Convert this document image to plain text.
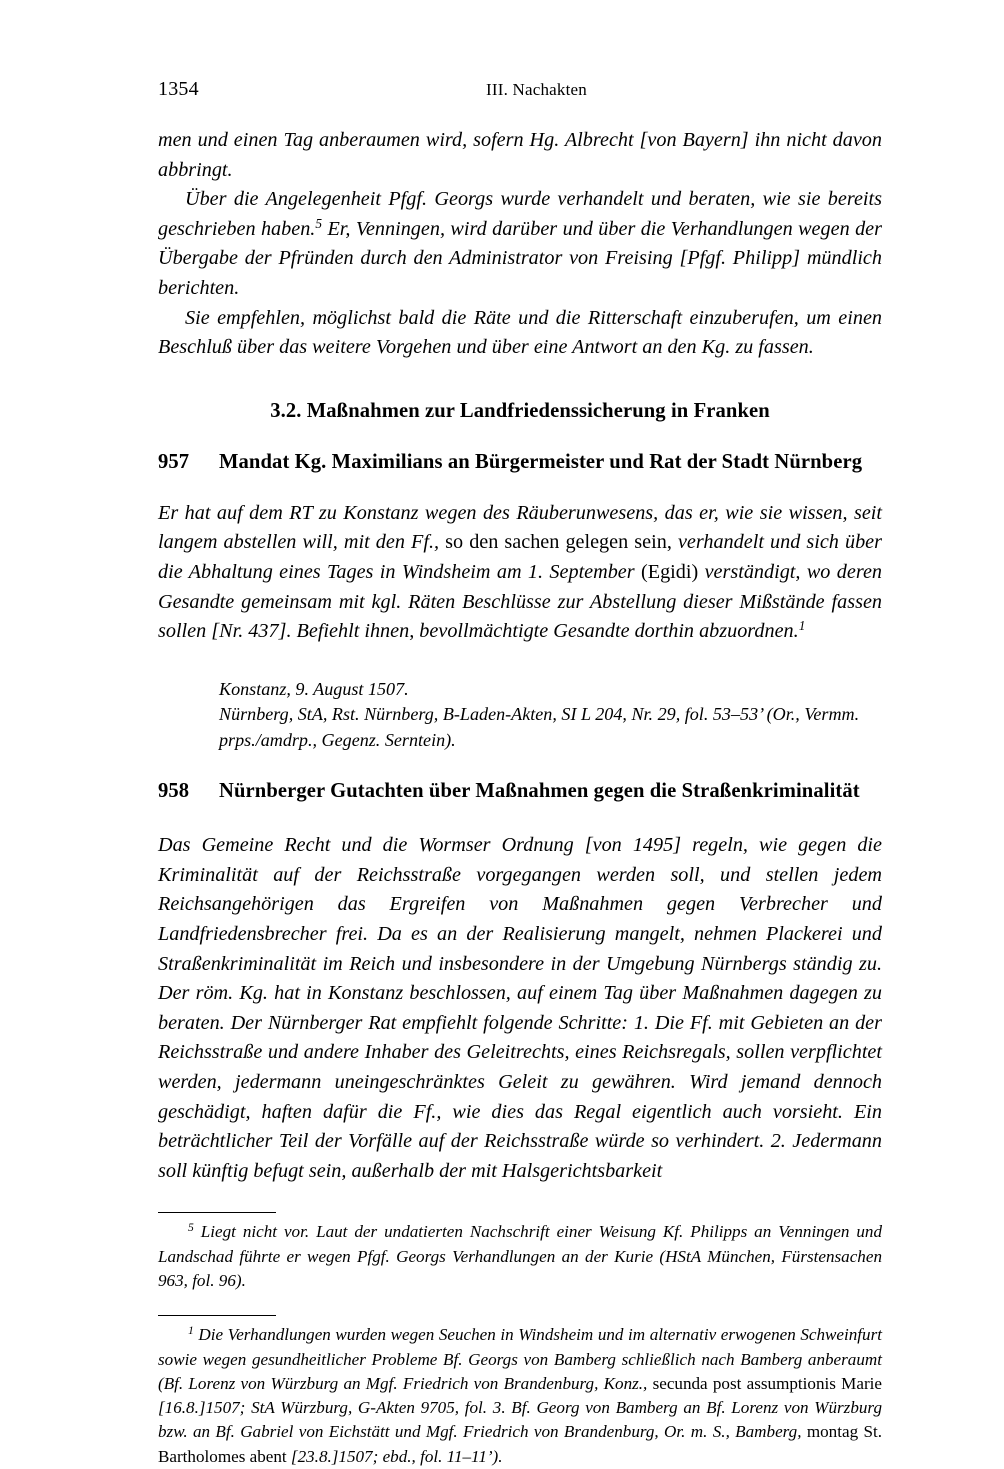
1354	III. Nachakten

men und einen Tag anberaumen wird, sofern Hg. Albrecht [von Bayern] ihn nicht davon abbringt.

Über die Angelegenheit Pfgf. Georgs wurde verhandelt und beraten, wie sie bereits geschrieben haben.$^5$ Er, Venningen, wird darüber und über die Verhandlungen wegen der Übergabe der Pfründen durch den Administrator von Freising [Pfgf. Philipp] mündlich berichten.

Sie empfehlen, möglichst bald die Räte und die Ritterschaft einzuberufen, um einen Beschluß über das weitere Vorgehen und über eine Antwort an den Kg. zu fassen.

3.2. Maßnahmen zur Landfriedenssicherung in Franken
957 Mandat Kg. Maximilians an Bürgermeister und Rat der Stadt Nürnberg

Er hat auf dem RT zu Konstanz wegen des Räuberunwesens, das er, wie sie wissen, seit langem abstellen will, mit den Ff., so den sachen gelegen sein, verhandelt und sich über die Abhaltung eines Tages in Windsheim am 1. September (Egidi) verständigt, wo deren Gesandte gemeinsam mit kgl. Räten Beschlüsse zur Abstellung dieser Mißstände fassen sollen [Nr. 437]. Befiehlt ihnen, bevollmächtigte Gesandte dorthin abzuordnen.$^1$

Konstanz, 9. August 1507.
Nürnberg, StA, Rst. Nürnberg, B-Laden-Akten, SI L 204, Nr. 29, fol. 53–53’ (Or., Vermm.
prps./amdrp., Gegenz. Serntein).
958 Nürnberger Gutachten über Maßnahmen gegen die Straßenkriminalität

Das Gemeine Recht und die Wormser Ordnung [von 1495] regeln, wie gegen die Kriminalität auf der Reichsstraße vorgegangen werden soll, und stellen jedem Reichsangehörigen das Ergreifen von Maßnahmen gegen Verbrecher und Landfriedensbrecher frei. Da es an der Realisierung mangelt, nehmen Plackerei und Straßenkriminalität im Reich und insbesondere in der Umgebung Nürnbergs ständig zu. Der röm. Kg. hat in Konstanz beschlossen, auf einem Tag über Maßnahmen dagegen zu beraten. Der Nürnberger Rat empfiehlt folgende Schritte: 1. Die Ff. mit Gebieten an der Reichsstraße und andere Inhaber des Geleitrechts, eines Reichsregals, sollen verpflichtet werden, jedermann uneingeschränktes Geleit zu gewähren. Wird jemand dennoch geschädigt, haften dafür die Ff., wie dies das Regal eigentlich auch vorsieht. Ein beträchtlicher Teil der Vorfälle auf der Reichsstraße würde so verhindert. 2. Jedermann soll künftig befugt sein, außerhalb der mit Halsgerichtsbarkeit

$^5$ Liegt nicht vor. Laut der undatierten Nachschrift einer Weisung Kf. Philipps an Venningen und Landschad führte er wegen Pfgf. Georgs Verhandlungen an der Kurie (HStA München, Fürstensachen 963, fol. 96).

$^1$ Die Verhandlungen wurden wegen Seuchen in Windsheim und im alternativ erwogenen Schweinfurt sowie wegen gesundheitlicher Probleme Bf. Georgs von Bamberg schließlich nach Bamberg anberaumt (Bf. Lorenz von Würzburg an Mgf. Friedrich von Brandenburg, Konz., secunda post assumptionis Marie [16.8.]1507; StA Würzburg, G-Akten 9705, fol. 3. Bf. Georg von Bamberg an Bf. Lorenz von Würzburg bzw. an Bf. Gabriel von Eichstätt und Mgf. Friedrich von Brandenburg, Or. m. S., Bamberg, montag St. Bartholomes abent [23.8.]1507; ebd., fol. 11–11’).
